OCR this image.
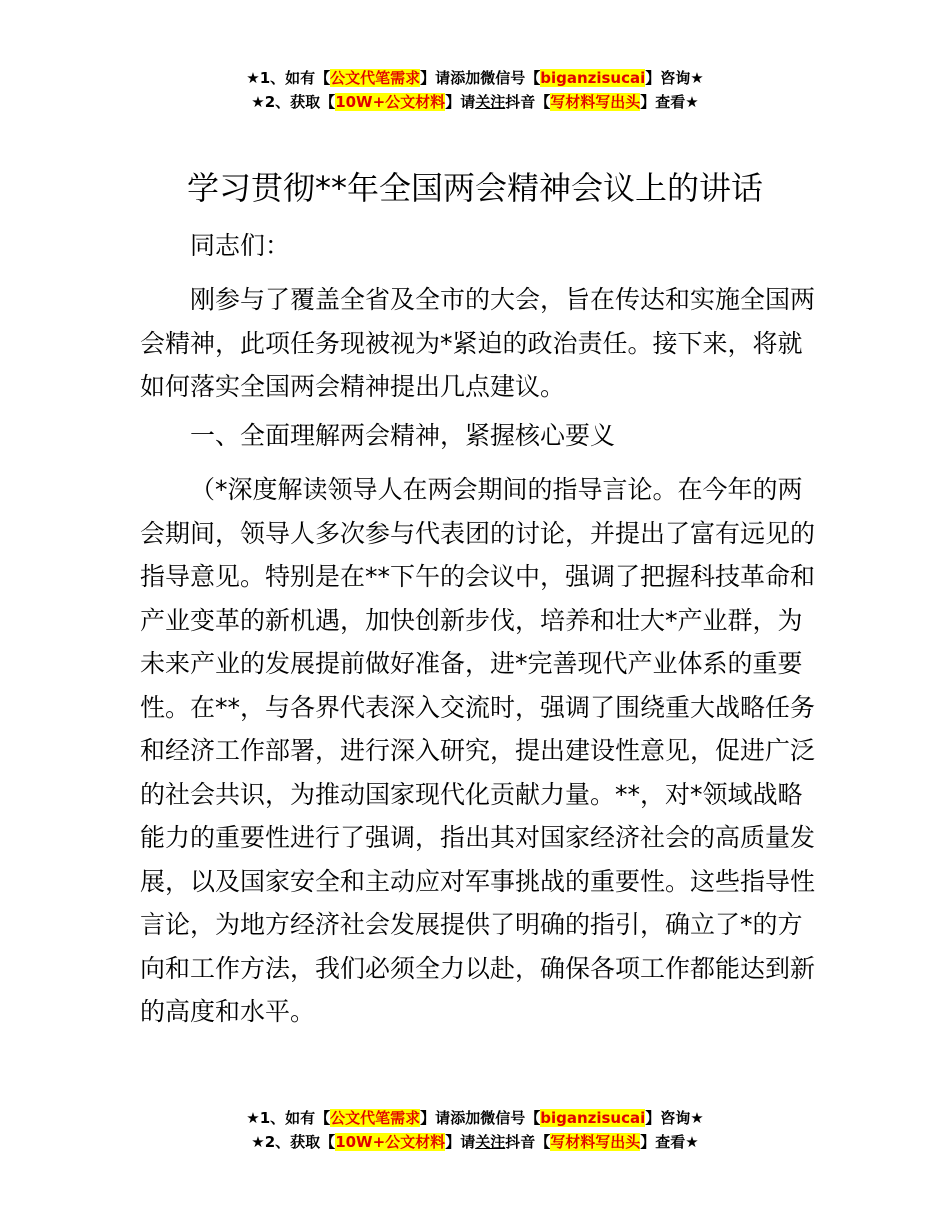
★1、如有【公文代笔需求】请添加微信号【biganzisucai】咨询★
★2、获取【10W+公文材料】请关注抖音【写材料写出头】查看★
学习贯彻**年全国两会精神会议上的讲话

同志们：

刚参与了覆盖全省及全市的大会，旨在传达和实施全国两会精神，此项任务现被视为*紧迫的政治责任。接下来，将就如何落实全国两会精神提出几点建议。

一、全面理解两会精神，紧握核心要义

（*深度解读领导人在两会期间的指导言论。在今年的两会期间，领导人多次参与代表团的讨论，并提出了富有远见的指导意见。特别是在**下午的会议中，强调了把握科技革命和产业变革的新机遇，加快创新步伐，培养和壮大*产业群，为未来产业的发展提前做好准备，进*完善现代产业体系的重要性。在**，与各界代表深入交流时，强调了围绕重大战略任务和经济工作部署，进行深入研究，提出建设性意见，促进广泛的社会共识，为推动国家现代化贡献力量。**，对*领域战略能力的重要性进行了强调，指出其对国家经济社会的高质量发展，以及国家安全和主动应对军事挑战的重要性。这些指导性言论，为地方经济社会发展提供了明确的指引，确立了*的方向和工作方法，我们必须全力以赴，确保各项工作都能达到新的高度和水平。

★1、如有【公文代笔需求】请添加微信号【biganzisucai】咨询★
★2、获取【10W+公文材料】请关注抖音【写材料写出头】查看★
